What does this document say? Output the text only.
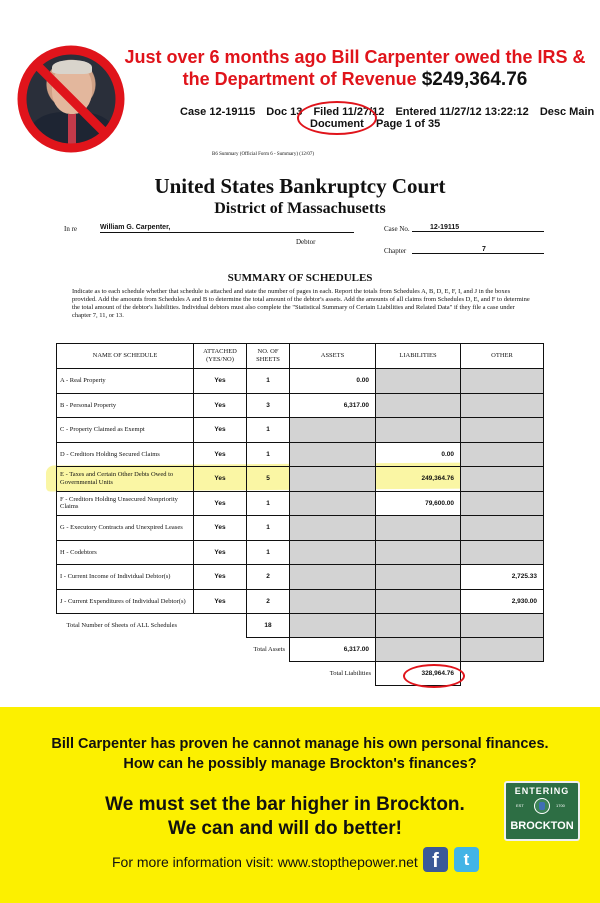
Just over 6 months ago Bill Carpenter owed the IRS &
the Department of Revenue $249,364.76
Case 12-19115 Doc 13 Filed 11/27/12 Entered 11/27/12 13:22:12 Desc Main
Document Page 1 of 35
B6 Summary (Official Form 6 - Summary) (12/07)
United States Bankruptcy Court
District of Massachusetts
In re	William G. Carpenter,
Debtor
Case No.	12-19115
Chapter	7
SUMMARY OF SCHEDULES
Indicate as to each schedule whether that schedule is attached and state the number of pages in each. Report the totals from Schedules A, B, D, E, F, I, and J in the boxes provided. Add the amounts from Schedules A and B to determine the total amount of the debtor's assets. Add the amounts of all claims from Schedules D, E, and F to determine the total amount of the debtor's liabilities. Individual debtors must also complete the "Statistical Summary of Certain Liabilities and Related Data" if they file a case under chapter 7, 11, or 13.
NAME OF SCHEDULE	ATTACHED (YES/NO)	NO. OF SHEETS	ASSETS	LIABILITIES	OTHER
A - Real Property	Yes	1	0.00		
B - Personal Property	Yes	3	6,317.00		
C - Property Claimed as Exempt	Yes	1			
D - Creditors Holding Secured Claims	Yes	1		0.00	
E - Taxes and Certain Other Debts Owed to Governmental Units	Yes	5		249,364.76	
F - Creditors Holding Unsecured Nonpriority Claims	Yes	1		79,600.00	
G - Executory Contracts and Unexpired Leases	Yes	1			
H - Codebtors	Yes	1			
I - Current Income of Individual Debtor(s)	Yes	2			2,725.33
J - Current Expenditures of Individual Debtor(s)	Yes	2			2,930.00
Total Number of Sheets of ALL Schedules		18			
Total Assets			6,317.00		
Total Liabilities				328,964.76	
Bill Carpenter has proven he cannot manage his own personal finances.
How can he possibly manage Brockton's finances?
We must set the bar higher in Brockton.
We can and will do better!
For more information visit: www.stopthepower.net f	t
ENTERING
EST	1700
BROCKTON
